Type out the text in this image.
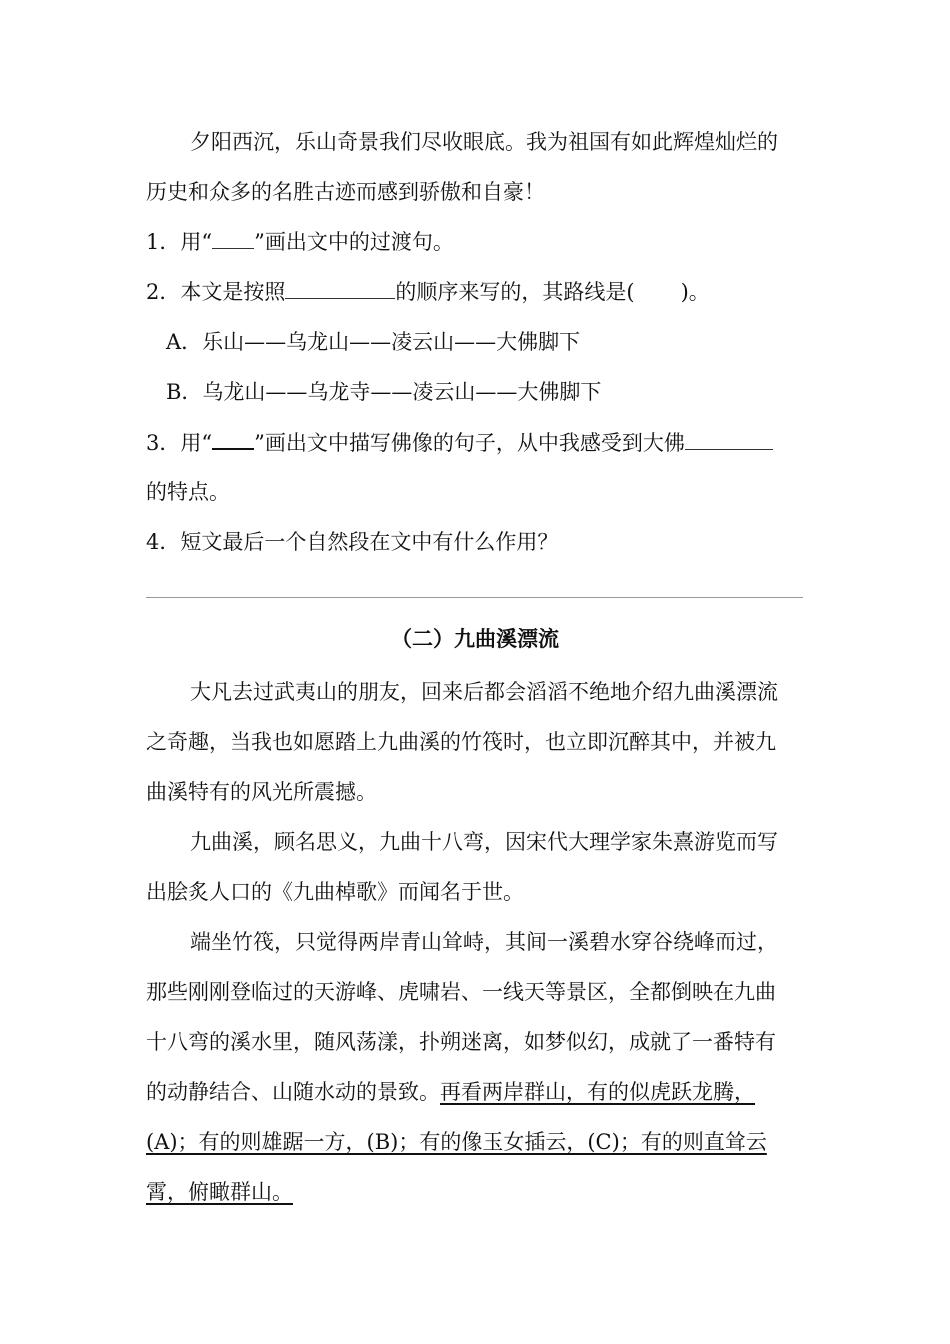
夕阳西沉，乐山奇景我们尽收眼底。我为祖国有如此辉煌灿烂的
历史和众多的名胜古迹而感到骄傲和自豪！
1．用“ ”画出文中的过渡句。
2．本文是按照	的顺序来写的，其路线是( )。
A．乐山——乌龙山——凌云山——大佛脚下
B．乌龙山——乌龙寺——凌云山——大佛脚下
3．用“ ”画出文中描写佛像的句子，从中我感受到大佛
的特点。
4．短文最后一个自然段在文中有什么作用？
（二）九曲溪漂流
大凡去过武夷山的朋友，回来后都会滔滔不绝地介绍九曲溪漂流
之奇趣，当我也如愿踏上九曲溪的竹筏时，也立即沉醉其中，并被九
曲溪特有的风光所震撼。
九曲溪，顾名思义，九曲十八弯，因宋代大理学家朱熹游览而写
出脍炙人口的《九曲棹歌》而闻名于世。
端坐竹筏，只觉得两岸青山耸峙，其间一溪碧水穿谷绕峰而过，
那些刚刚登临过的天游峰、虎啸岩、一线天等景区，全都倒映在九曲
十八弯的溪水里，随风荡漾，扑朔迷离，如梦似幻，成就了一番特有
的动静结合、山随水动的景致。再看两岸群山，有的似虎跃龙腾，
(A)；有的则雄踞一方，(B)；有的像玉女插云，(C)；有的则直耸云
霄，俯瞰群山。
